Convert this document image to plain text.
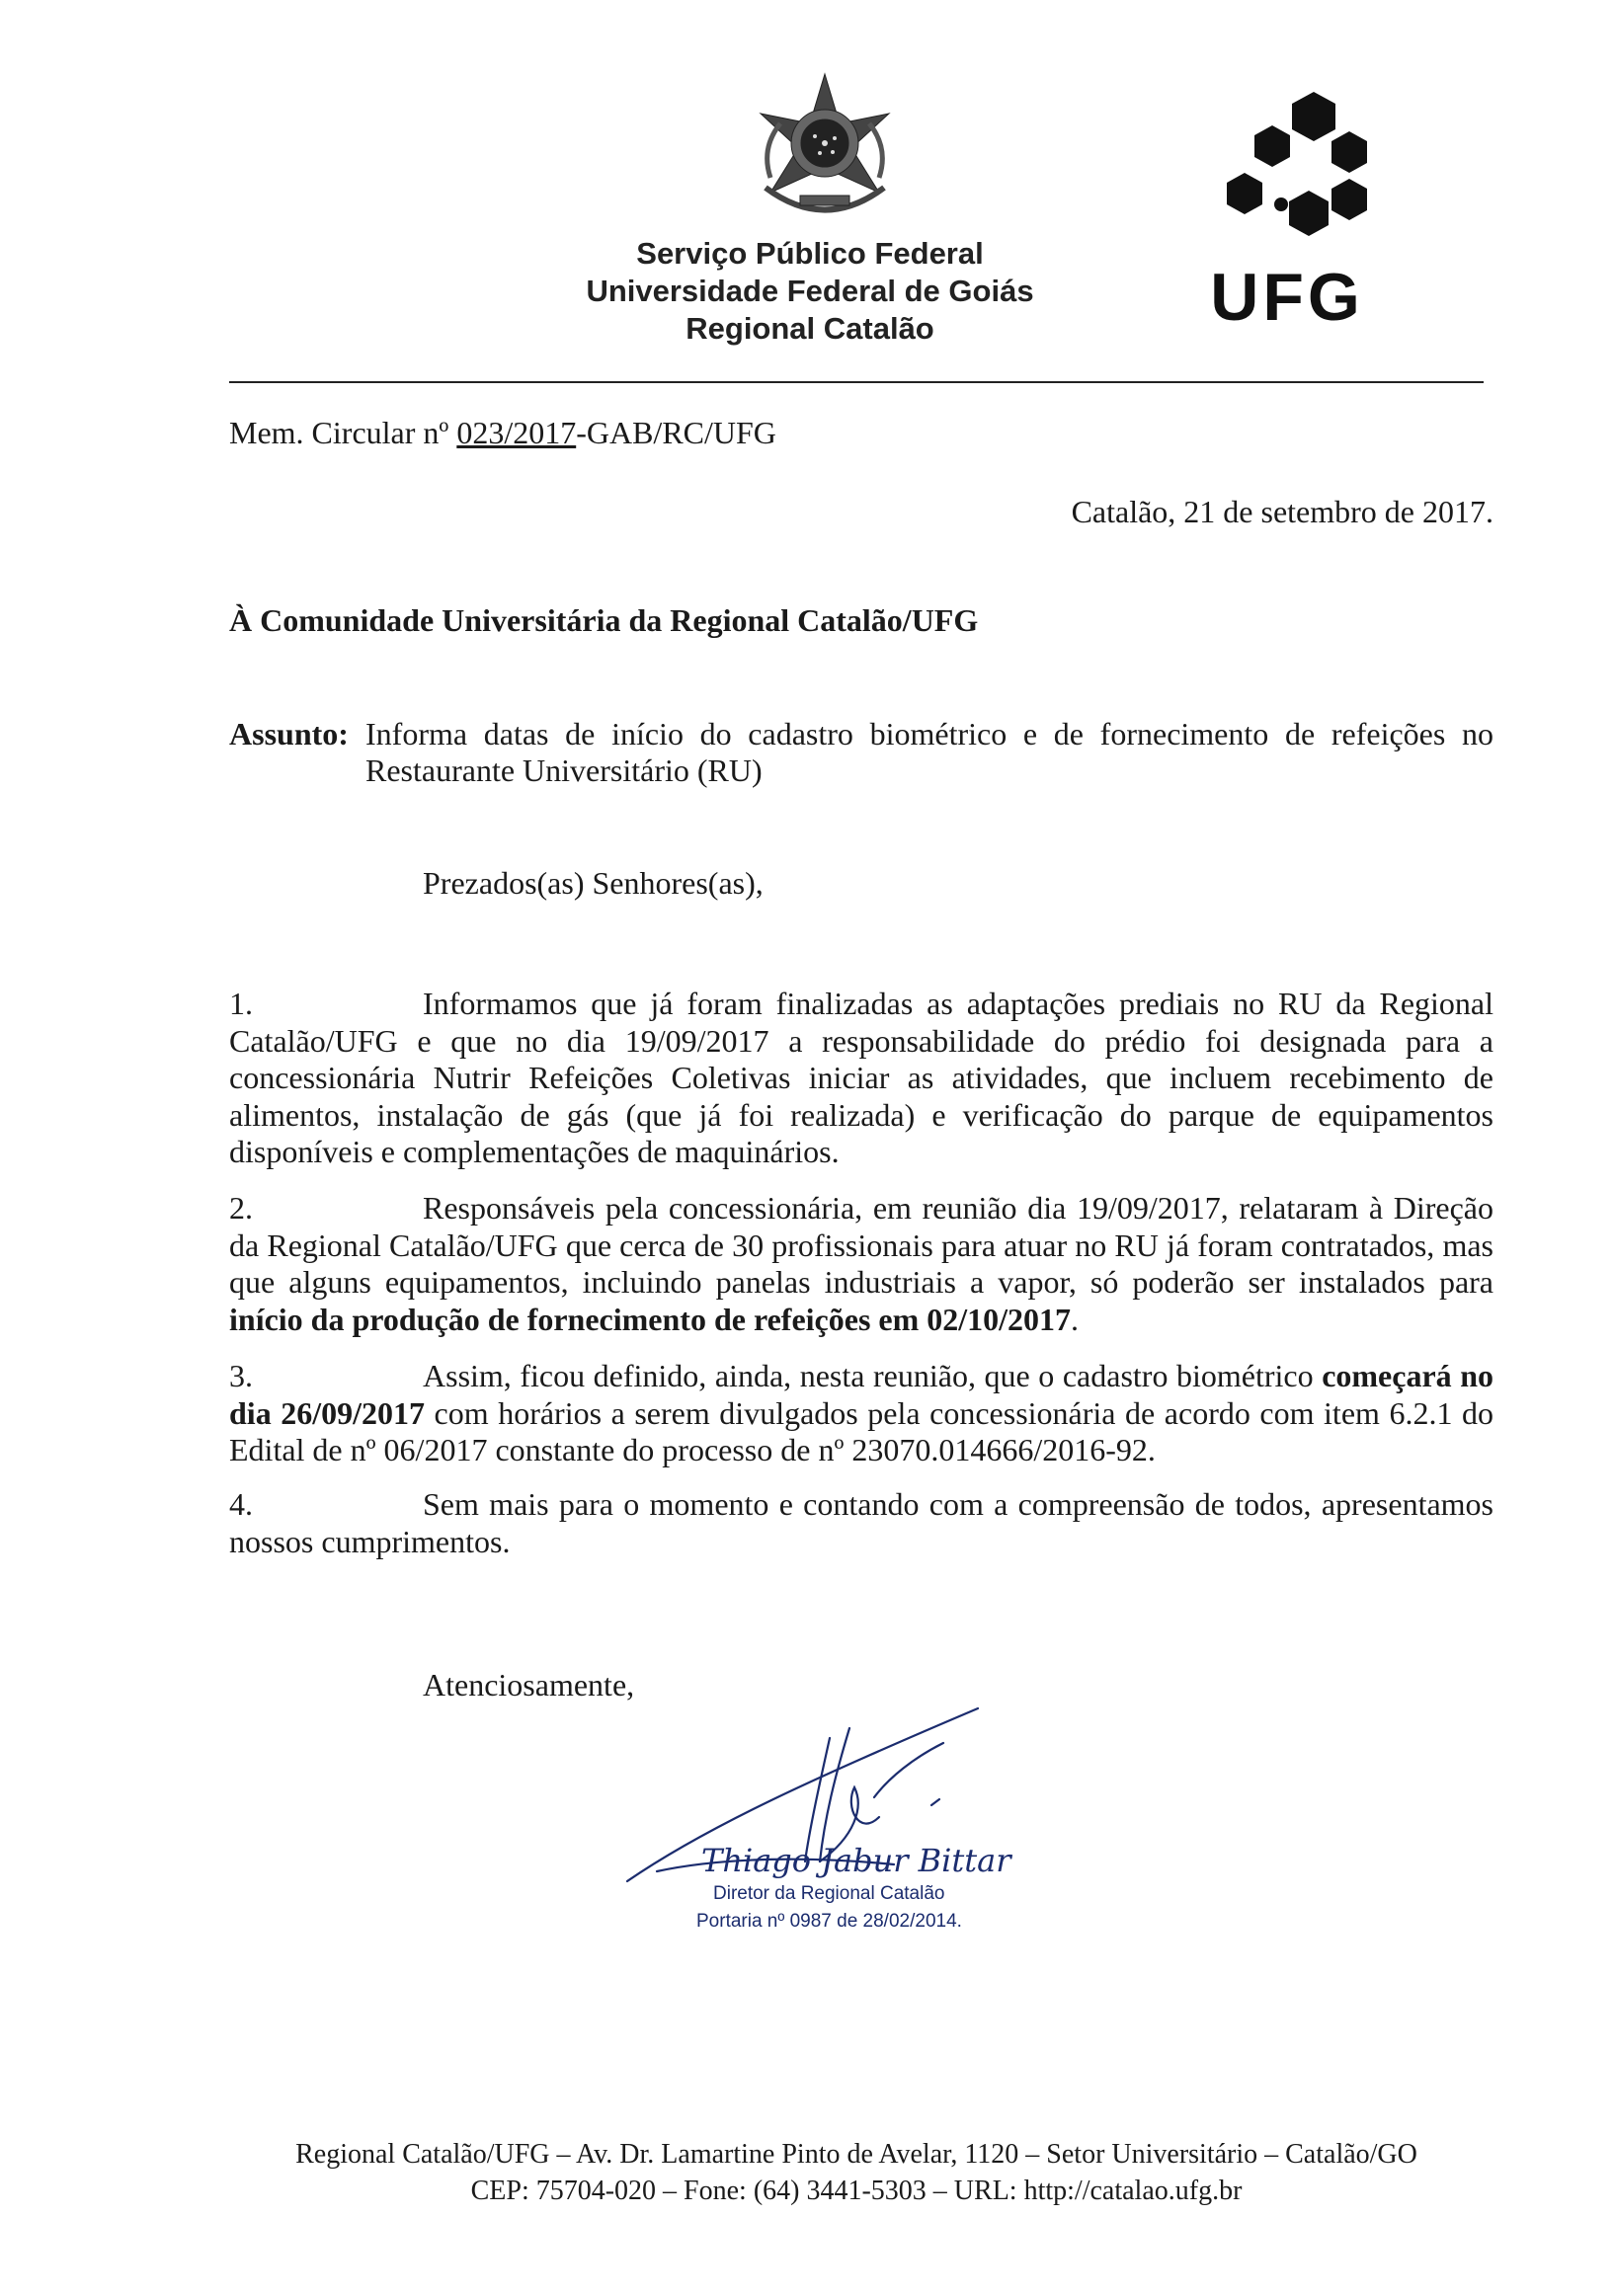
Serviço Público Federal
Universidade Federal de Goiás
Regional Catalão	UFG
Mem. Circular nº 023/2017-GAB/RC/UFG
Catalão, 21 de setembro de 2017.
À Comunidade Universitária da Regional Catalão/UFG
Assunto: Informa datas de início do cadastro biométrico e de fornecimento de refeições no Restaurante Universitário (RU)
Prezados(as) Senhores(as),

Informamos que já foram finalizadas as adaptações prediais no RU da Regional Catalão/UFG e que no dia 19/09/2017 a responsabilidade do prédio foi designada para a concessionária Nutrir Refeições Coletivas iniciar as atividades, que incluem recebimento de alimentos, instalação de gás (que já foi realizada) e verificação do parque de equipamentos disponíveis e complementações de maquinários.

1.

Responsáveis pela concessionária, em reunião dia 19/09/2017, relataram à Direção da Regional Catalão/UFG que cerca de 30 profissionais para atuar no RU já foram contratados, mas que alguns equipamentos, incluindo panelas industriais a vapor, só poderão ser instalados para início da produção de fornecimento de refeições em 02/10/2017.

2.

Assim, ficou definido, ainda, nesta reunião, que o cadastro biométrico começará no dia 26/09/2017 com horários a serem divulgados pela concessionária de acordo com item 6.2.1 do Edital de nº 06/2017 constante do processo de nº 23070.014666/2016-92.

3.

Sem mais para o momento e contando com a compreensão de todos, apresentamos nossos cumprimentos.

4.
Atenciosamente,
Thiago Jabur Bittar
Diretor da Regional Catalão
Portaria nº 0987 de 28/02/2014.
Regional Catalão/UFG – Av. Dr. Lamartine Pinto de Avelar, 1120 – Setor Universitário – Catalão/GO
CEP: 75704-020 – Fone: (64) 3441-5303 – URL: http://catalao.ufg.br
